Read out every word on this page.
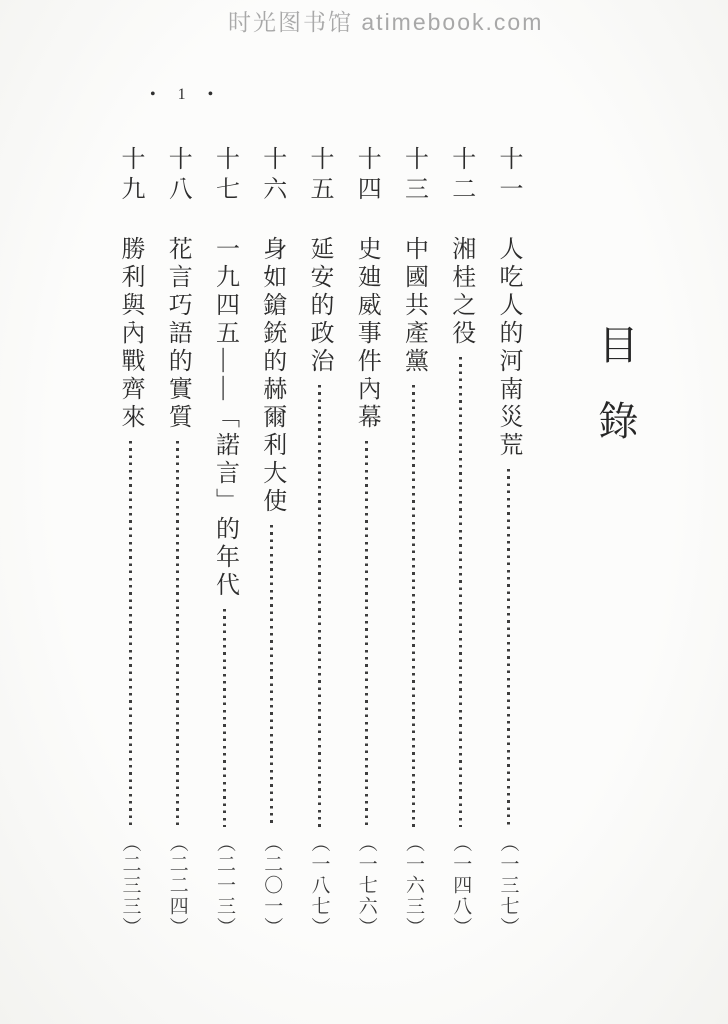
时光图书馆 atimebook.com
• 1 •
目錄
十一
人吃人的河南災荒
（一三七）
十二
湘桂之役
（一四八）
十三
中國共產黨
（一六三）
十四
史廸威事件內幕
（一七六）
十五
延安的政治
（一八七）
十六
身如鎗銃的赫爾利大使
（二〇一）
十七
一九四五——「諾言」的年代
（二一三）
十八
花言巧語的實質
（二二四）
十九
勝利與內戰齊來
（二三三）
